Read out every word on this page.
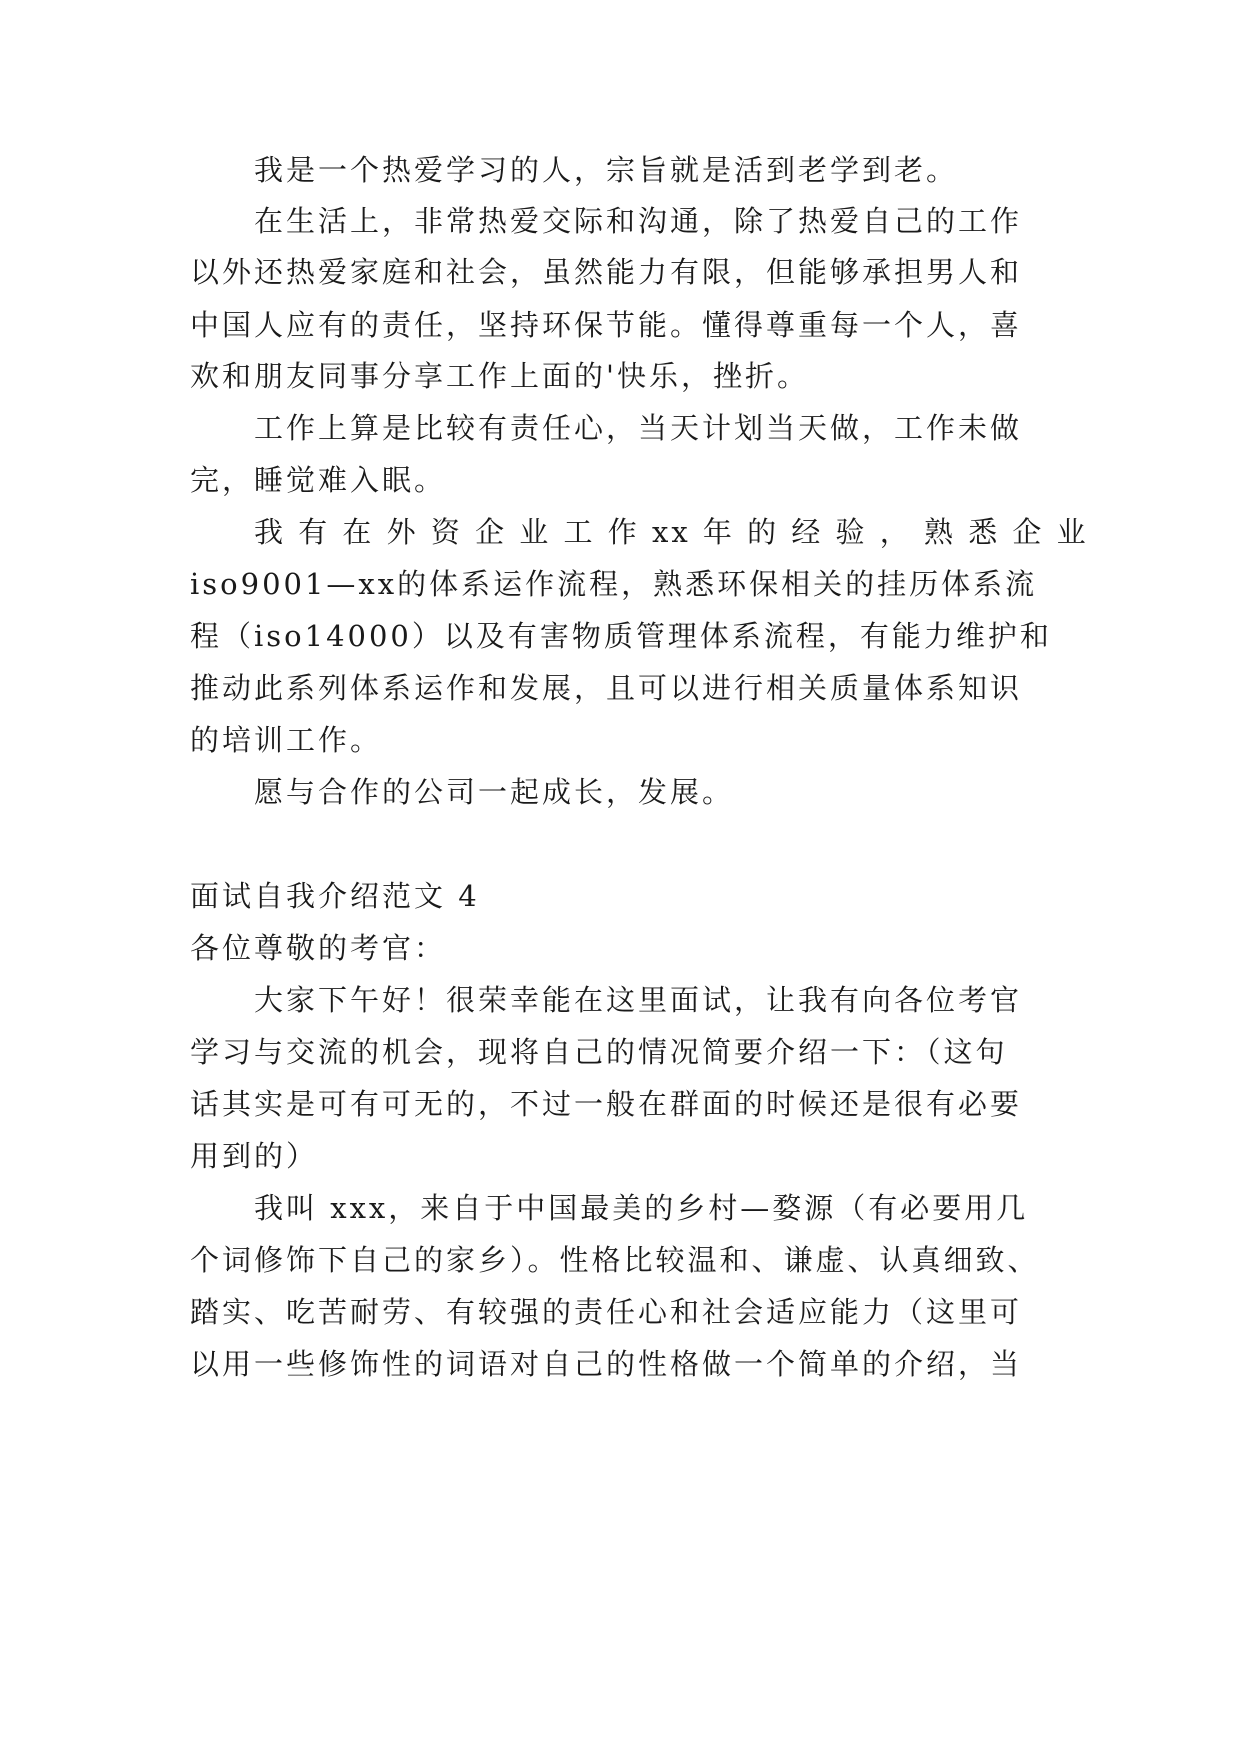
我是一个热爱学习的人，宗旨就是活到老学到老。
在生活上，非常热爱交际和沟通，除了热爱自己的工作
以外还热爱家庭和社会，虽然能力有限，但能够承担男人和
中国人应有的责任，坚持环保节能。懂得尊重每一个人，喜
欢和朋友同事分享工作上面的'快乐，挫折。
工作上算是比较有责任心，当天计划当天做，工作未做
完，睡觉难入眠。
我 有 在 外 资 企 业 工 作 xx 年 的 经 验 ， 熟 悉 企 业
iso9001—xx的体系运作流程，熟悉环保相关的挂历体系流
程（iso14000）以及有害物质管理体系流程，有能力维护和
推动此系列体系运作和发展，且可以进行相关质量体系知识
的培训工作。
愿与合作的公司一起成长，发展。
面试自我介绍范文 4
各位尊敬的考官：
大家下午好！很荣幸能在这里面试，让我有向各位考官
学习与交流的机会，现将自己的情况简要介绍一下：（这句
话其实是可有可无的，不过一般在群面的时候还是很有必要
用到的）
我叫 xxx，来自于中国最美的乡村—婺源（有必要用几
个词修饰下自己的家乡）。性格比较温和、谦虚、认真细致、
踏实、吃苦耐劳、有较强的责任心和社会适应能力（这里可
以用一些修饰性的词语对自己的性格做一个简单的介绍，当
